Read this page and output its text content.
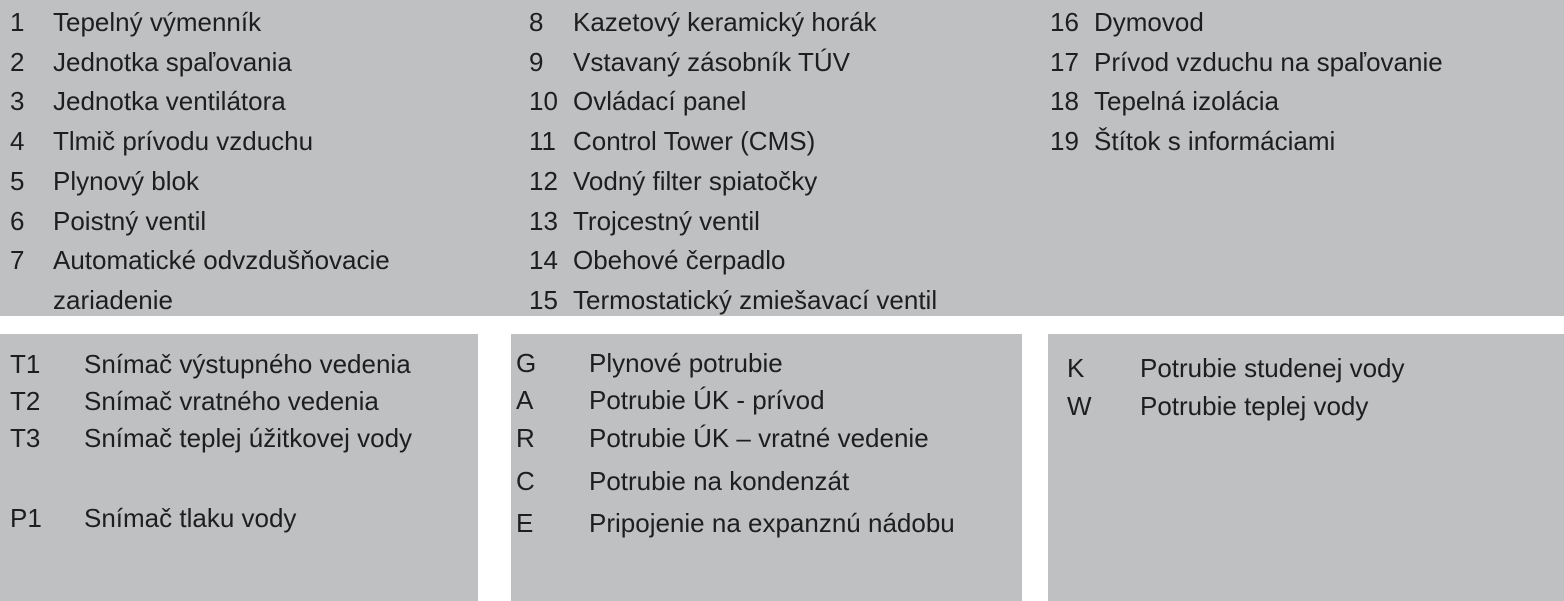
1 Tepelný výmenník
2 Jednotka spaľovania
3 Jednotka ventilátora
4 Tlmič prívodu vzduchu
5 Plynový blok
6 Poistný ventil
7 Automatické odvzdušňovacie
zariadenie
8 Kazetový keramický horák
9 Vstavaný zásobník TÚV
10 Ovládací panel
11 Control Tower (CMS)
12 Vodný filter spiatočky
13 Trojcestný ventil
14 Obehové čerpadlo
15 Termostatický zmiešavací ventil
16 Dymovod
17 Prívod vzduchu na spaľovanie
18 Tepelná izolácia
19 Štítok s informáciami
T1 Snímač výstupného vedenia
T2 Snímač vratného vedenia
T3 Snímač teplej úžitkovej vody
P1 Snímač tlaku vody
G Plynové potrubie
A Potrubie ÚK - prívod
R Potrubie ÚK – vratné vedenie
C Potrubie na kondenzát
E Pripojenie na expanznú nádobu
K Potrubie studenej vody
W Potrubie teplej vody
